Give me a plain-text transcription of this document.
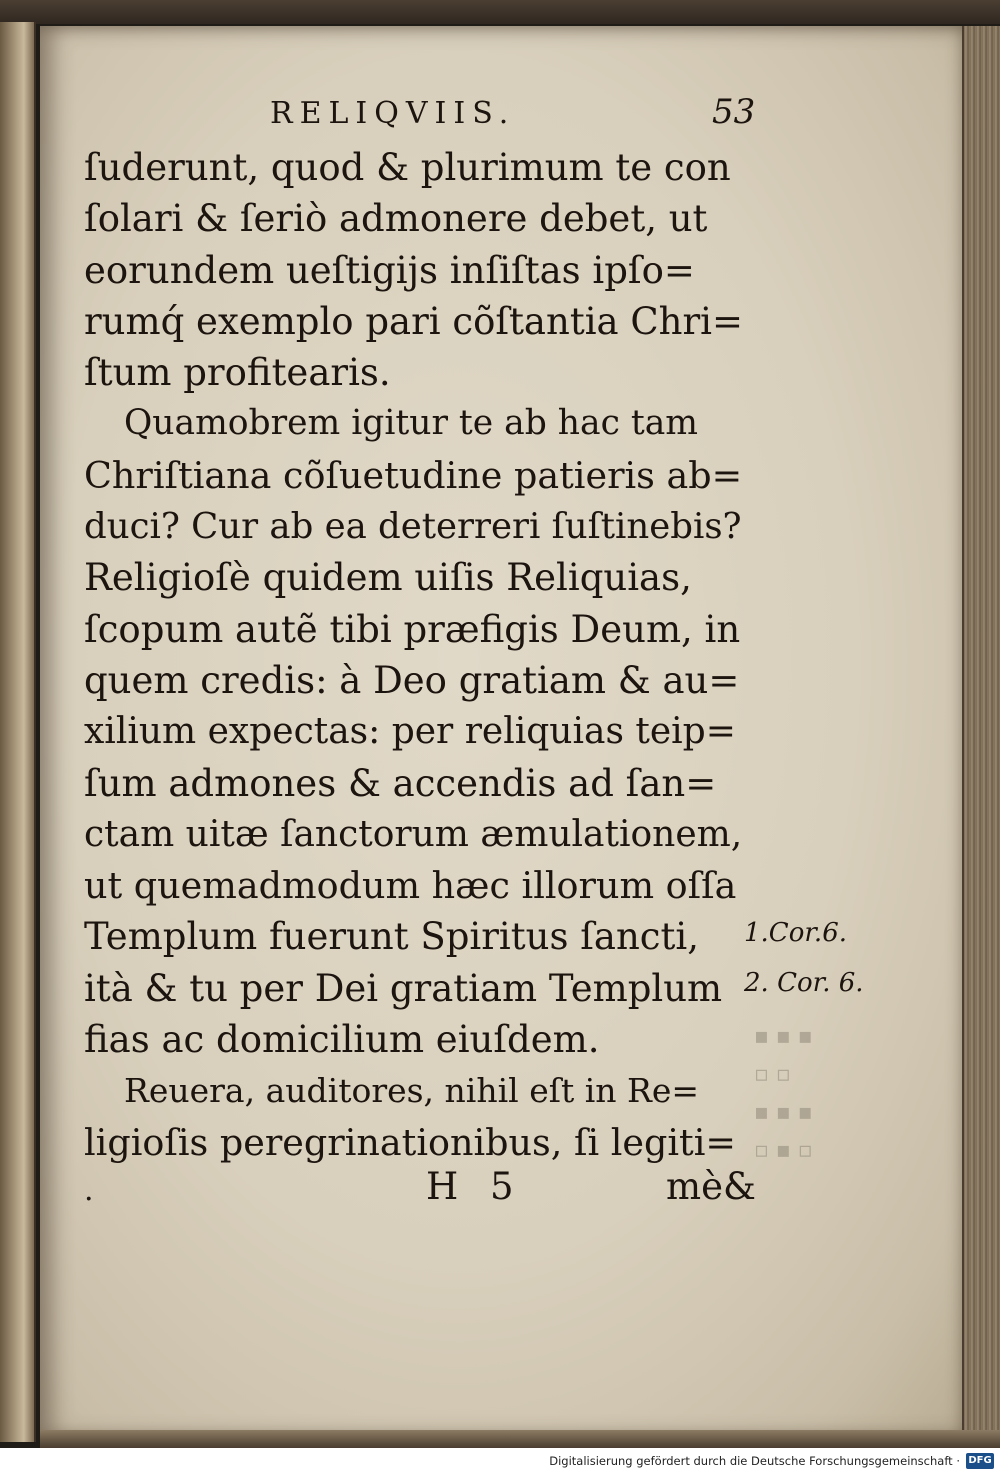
RELIQVIIS.	53
ſuderunt, quod & plurimum te con
ſolari & ſeriò admonere debet, ut
eorundem ueſtigijs inſiſtas ipſo=
rumq́ exemplo pari cõſtantia Chri=
ſtum profitearis.
Quamobrem igitur te ab hac tam
Chriſtiana cõſuetudine patieris ab=
duci? Cur ab ea deterreri ſuſtinebis?
Religioſè quidem uiſis Reliquias,
ſcopum autẽ tibi præfigis Deum, in
quem credis: à Deo gratiam & au=
xilium expectas: per reliquias teip=
ſum admones & accendis ad ſan=
ctam uitæ ſanctorum æmulationem,
ut quemadmodum hæc illorum oſſa
Templum fuerunt Spiritus ſancti,
ità & tu per Dei gratiam Templum
fias ac domicilium eiuſdem.
Reuera, auditores, nihil eſt in Re=
ligioſis peregrinationibus, ſi legiti=
1.Cor.6.
2. Cor. 6.
▪ ▪ ▪
▫ ▫
▪ ▪ ▪
▫ ▪ ▫
.	H 5	mè&
Digitalisierung gefördert durch die Deutsche Forschungsgemeinschaft · DFG
